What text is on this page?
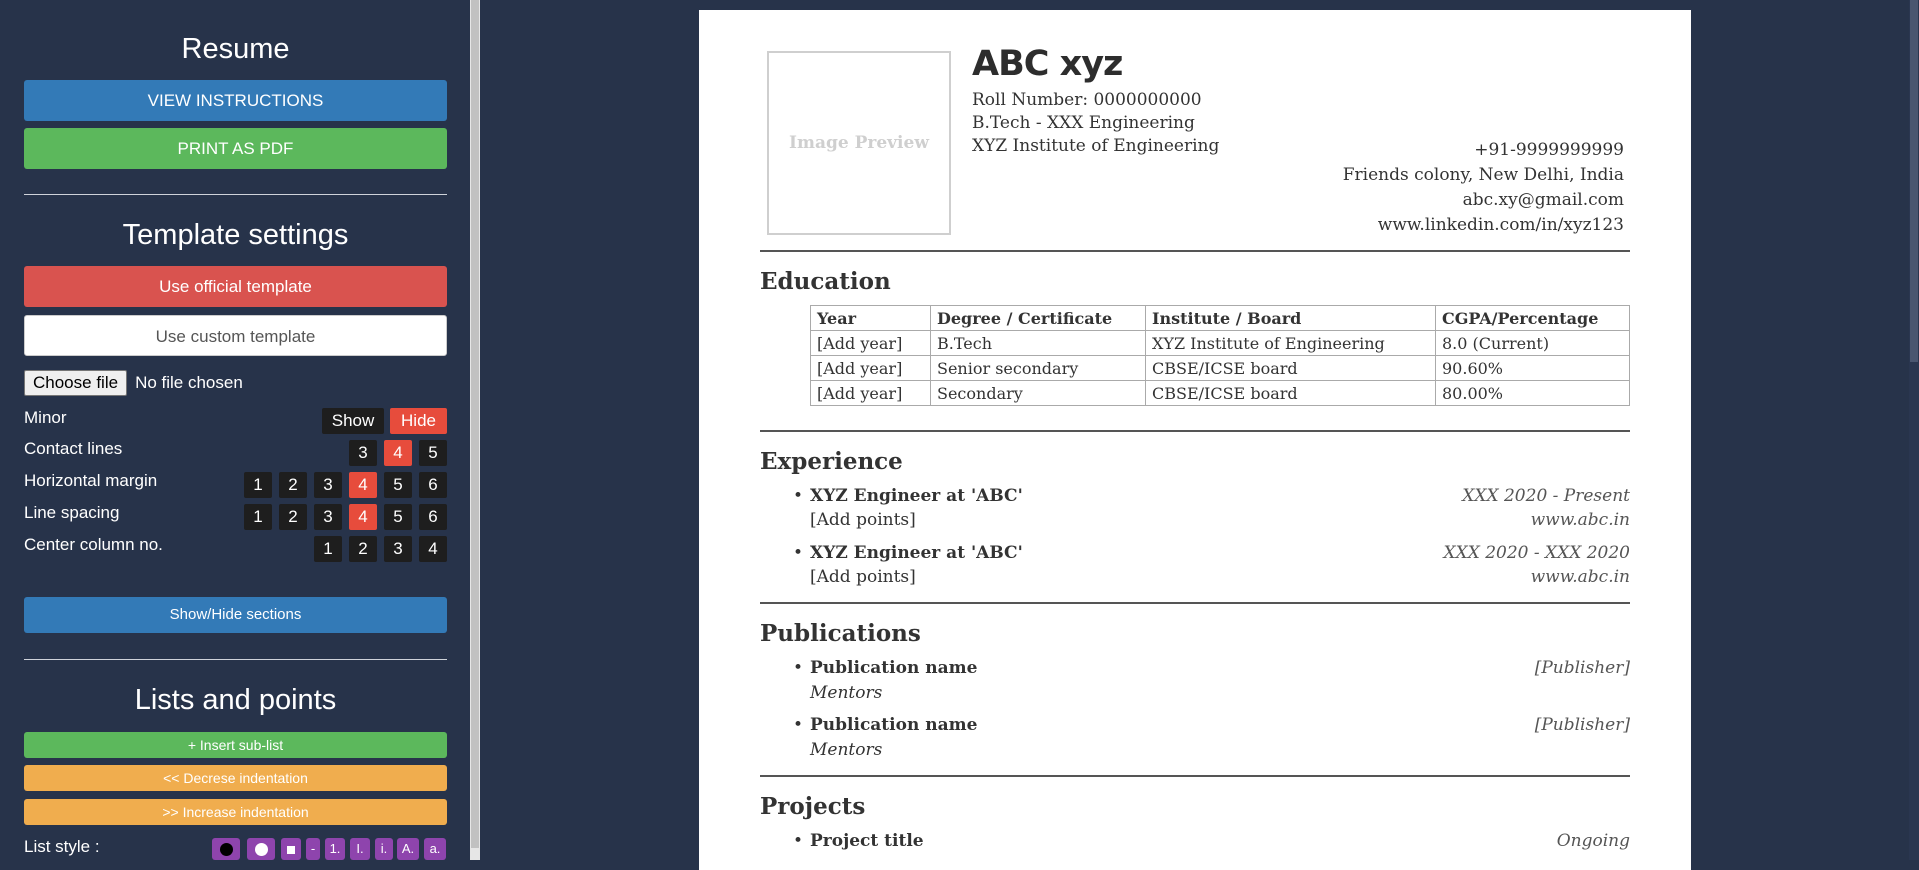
Resume
VIEW INSTRUCTIONS
PRINT AS PDF
Template settings
Use official template
Use custom template
Choose file No file chosen
Minor	Show	Hide
Contact lines	3	4	5
Horizontal margin	1	2	3	4	5	6
Line spacing	1	2	3	4	5	6
Center column no.	1	2	3	4
Show/Hide sections
Lists and points
+ Insert sub-list
<< Decrese indentation
>> Increase indentation
List style :	-	1.	I.	i.	A.	a.
Image Preview
ABC xyz
Roll Number: 0000000000
B.Tech - XXX Engineering
XYZ Institute of Engineering	+91-9999999999
Friends colony, New Delhi, India
abc.xy@gmail.com
www.linkedin.com/in/xyz123
Education
Year	Degree / Certificate	Institute / Board	CGPA/Percentage
[Add year]	B.Tech	XYZ Institute of Engineering	8.0 (Current)
[Add year]	Senior secondary	CBSE/ICSE board	90.60%
[Add year]	Secondary	CBSE/ICSE board	80.00%
Experience
• XYZ Engineer at 'ABC'	XXX 2020 - Present
[Add points]	www.abc.in
• XYZ Engineer at 'ABC'	XXX 2020 - XXX 2020
[Add points]	www.abc.in
Publications
• Publication name	[Publisher]
Mentors
• Publication name	[Publisher]
Mentors
Projects
• Project title	Ongoing
